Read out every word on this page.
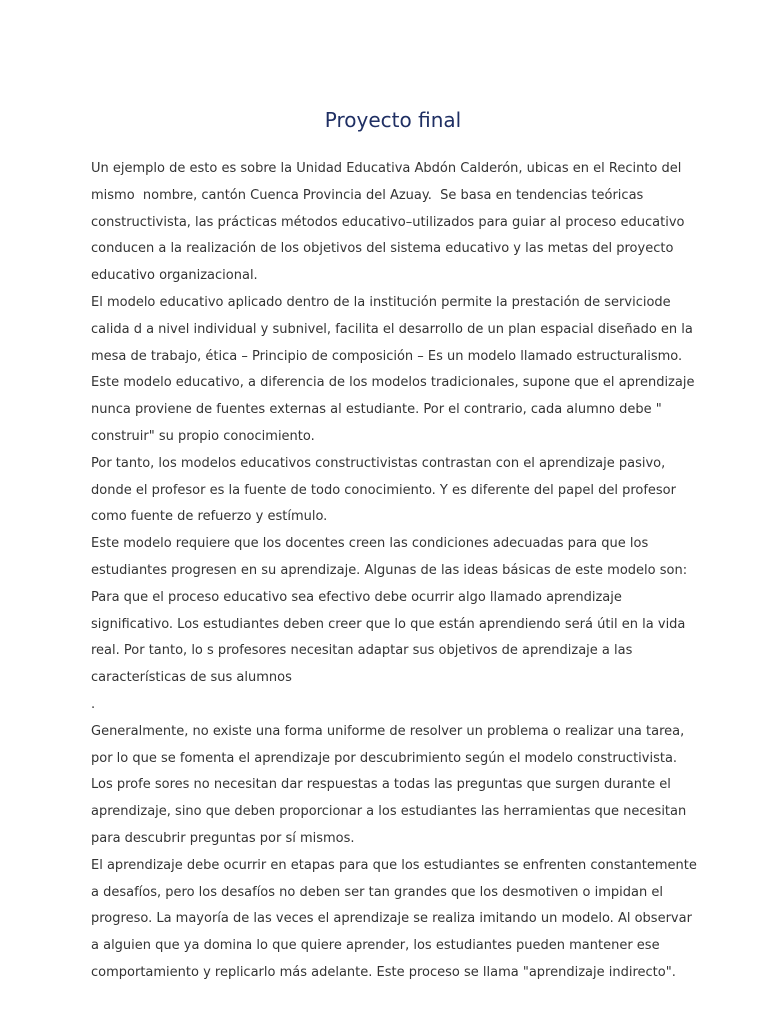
Proyecto final

Un ejemplo de esto es sobre la Unidad Educativa Abdón Calderón, ubicas en el Recinto del mismo  nombre, cantón Cuenca Provincia del Azuay.  Se basa en tendencias teóricas constructivista, las prácticas métodos educativo–utilizados para guiar al proceso educativo conducen a la realización de los objetivos del sistema educativo y las metas del proyecto educativo organizacional.

El modelo educativo aplicado dentro de la institución permite la prestación de serviciode calida d a nivel individual y subnivel, facilita el desarrollo de un plan espacial diseñado en la mesa de trabajo, ética – Principio de composición – Es un modelo llamado estructuralismo.

Este modelo educativo, a diferencia de los modelos tradicionales, supone que el aprendizaje nunca proviene de fuentes externas al estudiante. Por el contrario, cada alumno debe " construir" su propio conocimiento.

Por tanto, los modelos educativos constructivistas contrastan con el aprendizaje pasivo, donde el profesor es la fuente de todo conocimiento. Y es diferente del papel del profesor como fuente de refuerzo y estímulo.

Este modelo requiere que los docentes creen las condiciones adecuadas para que los estudiantes progresen en su aprendizaje. Algunas de las ideas básicas de este modelo son:

Para que el proceso educativo sea efectivo debe ocurrir algo llamado aprendizaje significativo. Los estudiantes deben creer que lo que están aprendiendo será útil en la vida real. Por tanto, lo s profesores necesitan adaptar sus objetivos de aprendizaje a las características de sus alumnos

.

Generalmente, no existe una forma uniforme de resolver un problema o realizar una tarea, por lo que se fomenta el aprendizaje por descubrimiento según el modelo constructivista. Los profe sores no necesitan dar respuestas a todas las preguntas que surgen durante el aprendizaje, sino que deben proporcionar a los estudiantes las herramientas que necesitan para descubrir preguntas por sí mismos.

El aprendizaje debe ocurrir en etapas para que los estudiantes se enfrenten constantemente a desafíos, pero los desafíos no deben ser tan grandes que los desmotiven o impidan el progreso. La mayoría de las veces el aprendizaje se realiza imitando un modelo. Al observar a alguien que ya domina lo que quiere aprender, los estudiantes pueden mantener ese comportamiento y replicarlo más adelante. Este proceso se llama "aprendizaje indirecto".
